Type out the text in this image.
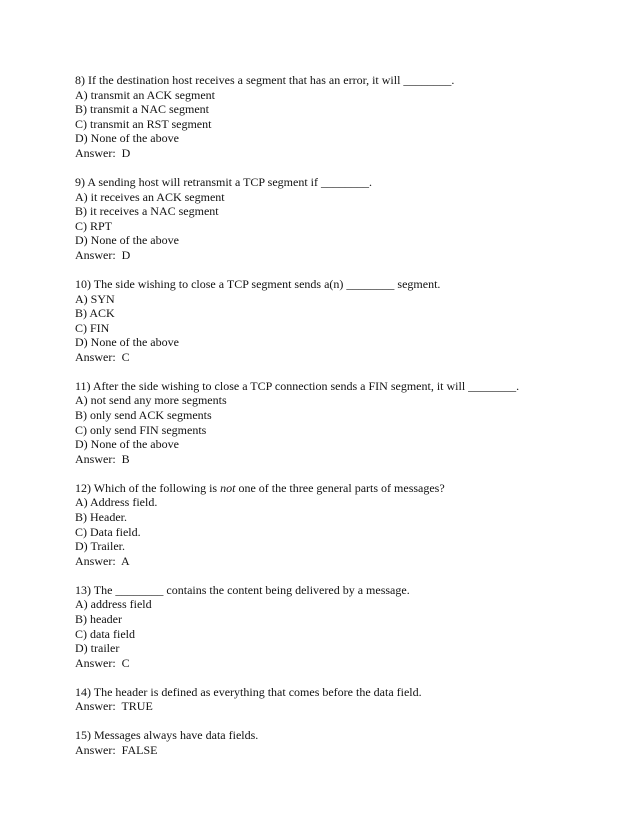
8) If the destination host receives a segment that has an error, it will ________.
A) transmit an ACK segment
B) transmit a NAC segment
C) transmit an RST segment
D) None of the above
Answer:  D
9) A sending host will retransmit a TCP segment if ________.
A) it receives an ACK segment
B) it receives a NAC segment
C) RPT
D) None of the above
Answer:  D
10) The side wishing to close a TCP segment sends a(n) ________ segment.
A) SYN
B) ACK
C) FIN
D) None of the above
Answer:  C
11) After the side wishing to close a TCP connection sends a FIN segment, it will ________.
A) not send any more segments
B) only send ACK segments
C) only send FIN segments
D) None of the above
Answer:  B
12) Which of the following is not one of the three general parts of messages?
A) Address field.
B) Header.
C) Data field.
D) Trailer.
Answer:  A
13) The ________ contains the content being delivered by a message.
A) address field
B) header
C) data field
D) trailer
Answer:  C
14) The header is defined as everything that comes before the data field.
Answer:  TRUE
15) Messages always have data fields.
Answer:  FALSE
